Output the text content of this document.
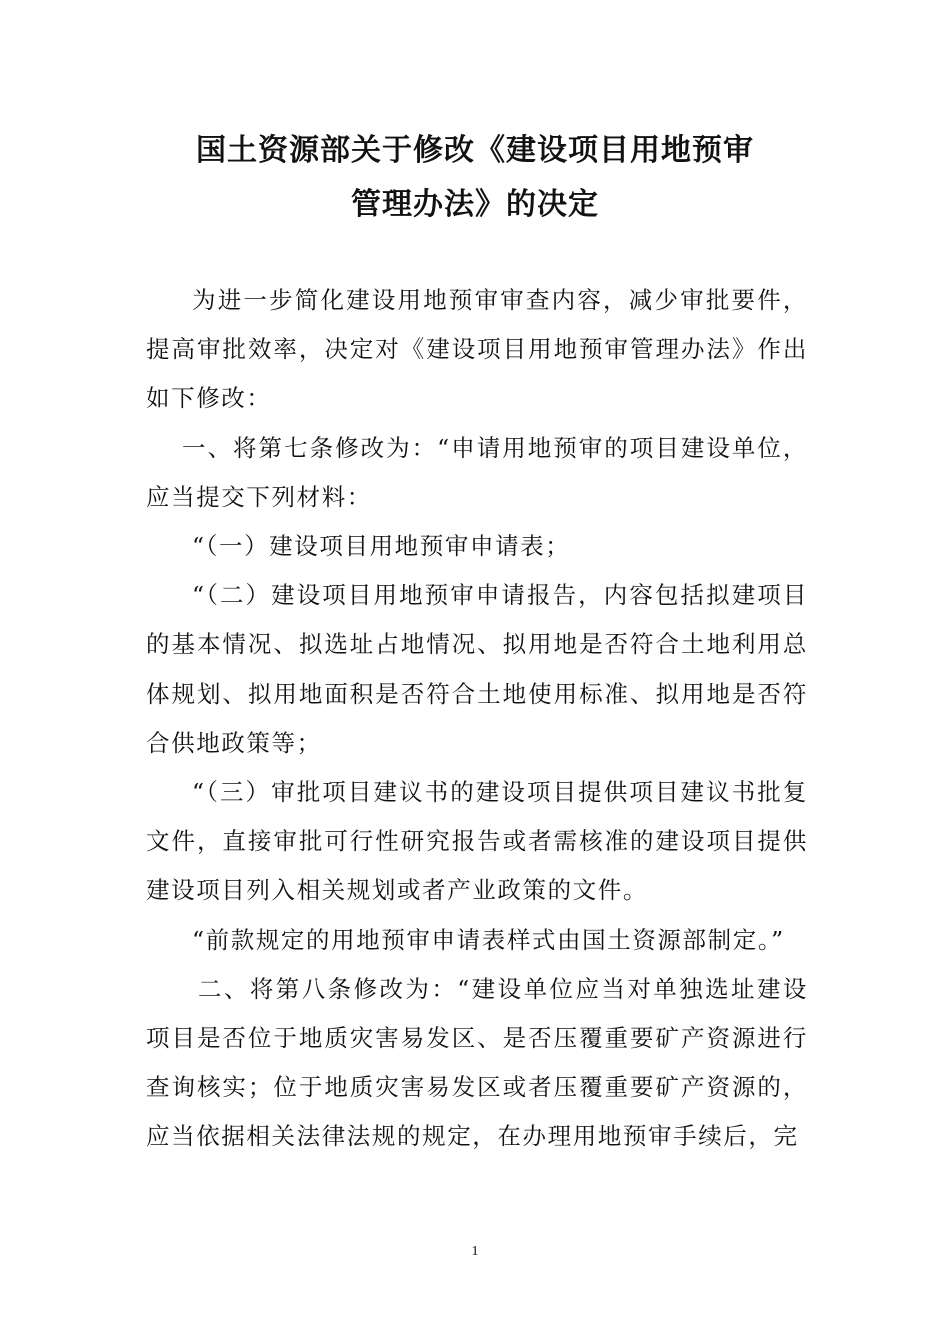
国土资源部关于修改《建设项目用地预审
管理办法》的决定

为进一步简化建设用地预审审查内容，减少审批要件，提高审批效率，决定对《建设项目用地预审管理办法》作出如下修改：

一、将第七条修改为：“申请用地预审的项目建设单位，应当提交下列材料：

“（一）建设项目用地预审申请表；

“（二）建设项目用地预审申请报告，内容包括拟建项目的基本情况、拟选址占地情况、拟用地是否符合土地利用总体规划、拟用地面积是否符合土地使用标准、拟用地是否符合供地政策等；

“（三）审批项目建议书的建设项目提供项目建议书批复文件，直接审批可行性研究报告或者需核准的建设项目提供建设项目列入相关规划或者产业政策的文件。

“前款规定的用地预审申请表样式由国土资源部制定。”

二、将第八条修改为：“建设单位应当对单独选址建设项目是否位于地质灾害易发区、是否压覆重要矿产资源进行查询核实；位于地质灾害易发区或者压覆重要矿产资源的，应当依据相关法律法规的规定，在办理用地预审手续后，完

1
